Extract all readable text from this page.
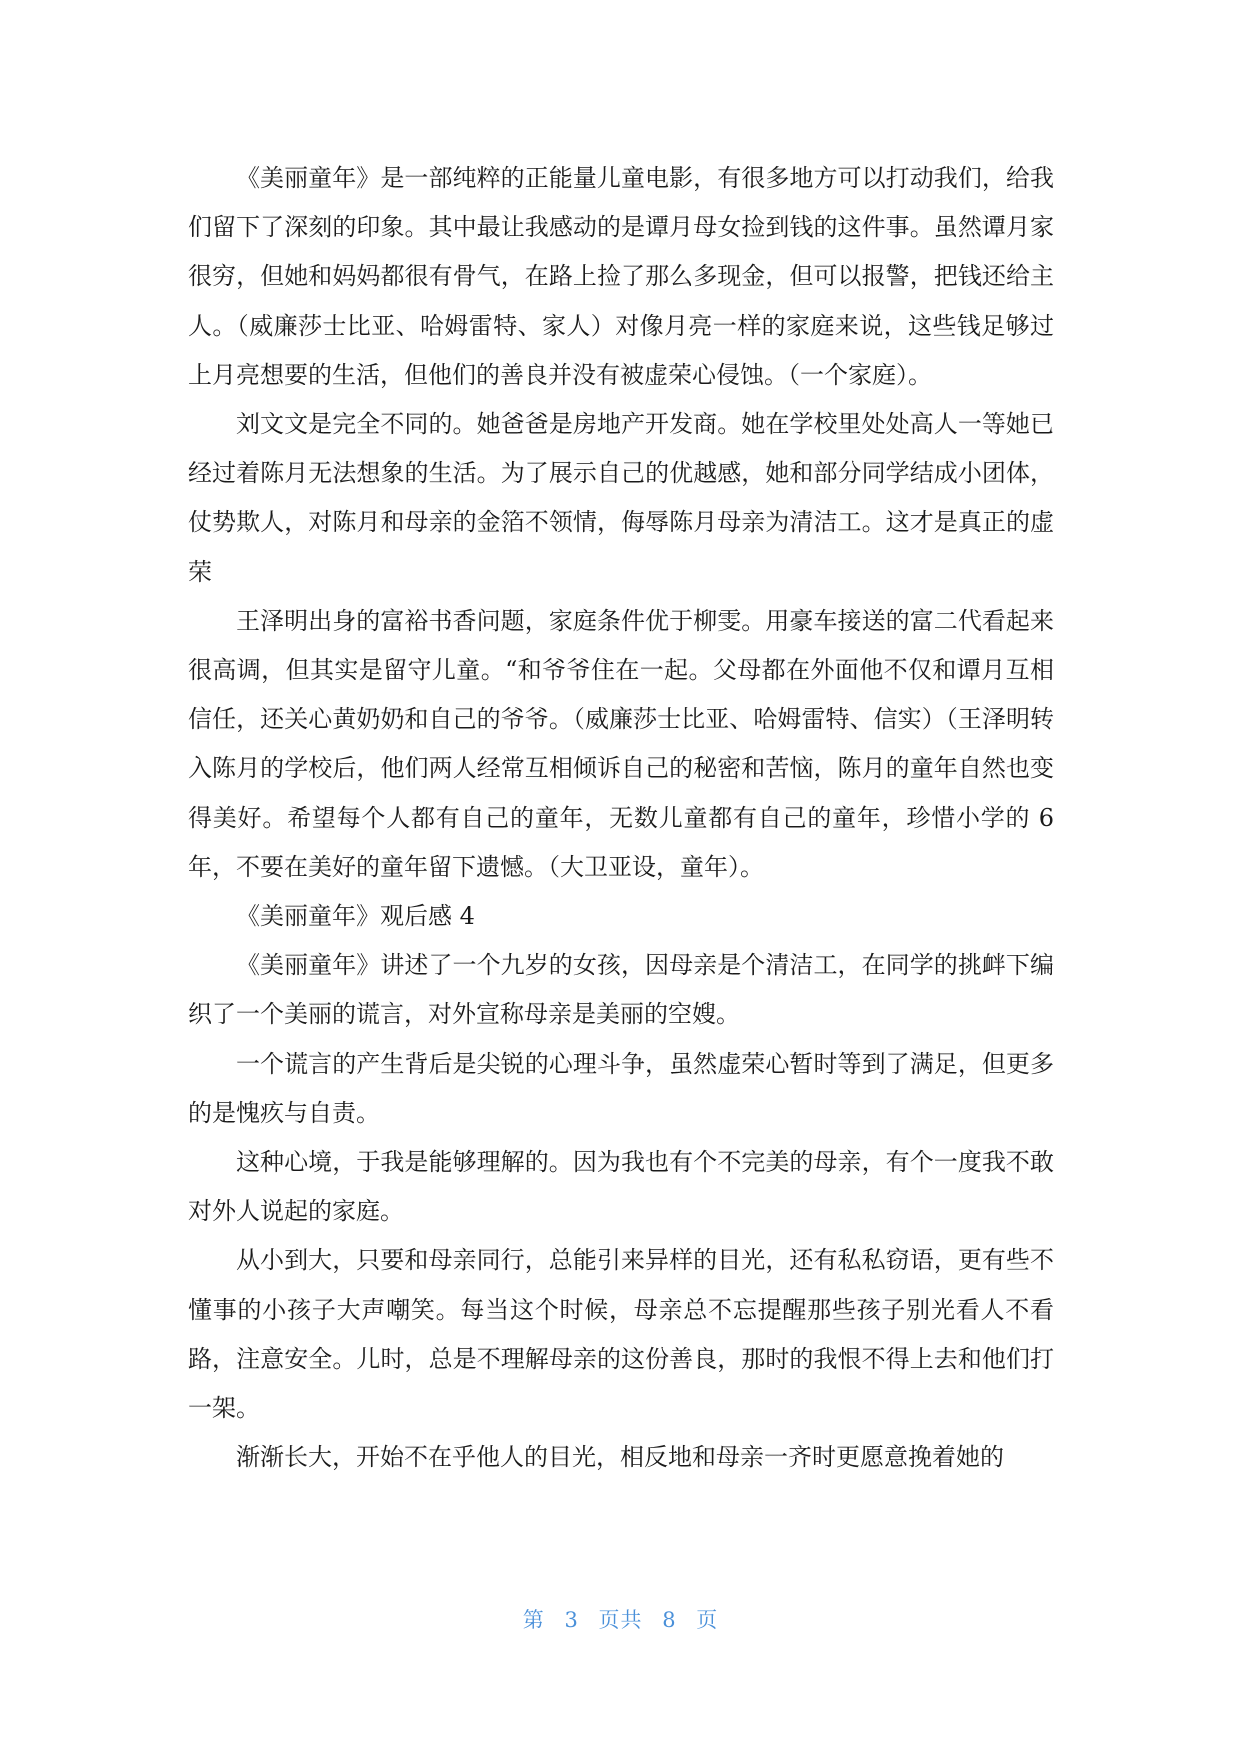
《美丽童年》是一部纯粹的正能量儿童电影，有很多地方可以打动我们，给我们留下了深刻的印象。其中最让我感动的是谭月母女捡到钱的这件事。虽然谭月家很穷，但她和妈妈都很有骨气，在路上捡了那么多现金，但可以报警，把钱还给主人。（威廉莎士比亚、哈姆雷特、家人）对像月亮一样的家庭来说，这些钱足够过上月亮想要的生活，但他们的善良并没有被虚荣心侵蚀。（一个家庭）。

刘文文是完全不同的。她爸爸是房地产开发商。她在学校里处处高人一等她已经过着陈月无法想象的生活。为了展示自己的优越感，她和部分同学结成小团体，仗势欺人，对陈月和母亲的金箔不领情，侮辱陈月母亲为清洁工。这才是真正的虚荣

王泽明出身的富裕书香问题，家庭条件优于柳雯。用豪车接送的富二代看起来很高调，但其实是留守儿童。“和爷爷住在一起。父母都在外面他不仅和谭月互相信任，还关心黄奶奶和自己的爷爷。（威廉莎士比亚、哈姆雷特、信实）（王泽明转入陈月的学校后，他们两人经常互相倾诉自己的秘密和苦恼，陈月的童年自然也变得美好。希望每个人都有自己的童年，无数儿童都有自己的童年，珍惜小学的 6 年，不要在美好的童年留下遗憾。（大卫亚设，童年）。

《美丽童年》观后感 4

《美丽童年》讲述了一个九岁的女孩，因母亲是个清洁工，在同学的挑衅下编织了一个美丽的谎言，对外宣称母亲是美丽的空嫂。

一个谎言的产生背后是尖锐的心理斗争，虽然虚荣心暂时等到了满足，但更多的是愧疚与自责。

这种心境，于我是能够理解的。因为我也有个不完美的母亲，有个一度我不敢对外人说起的家庭。

从小到大，只要和母亲同行，总能引来异样的目光，还有私私窃语，更有些不懂事的小孩子大声嘲笑。每当这个时候，母亲总不忘提醒那些孩子别光看人不看路，注意安全。儿时，总是不理解母亲的这份善良，那时的我恨不得上去和他们打一架。

渐渐长大，开始不在乎他人的目光，相反地和母亲一齐时更愿意挽着她的

第 3 页共 8 页
